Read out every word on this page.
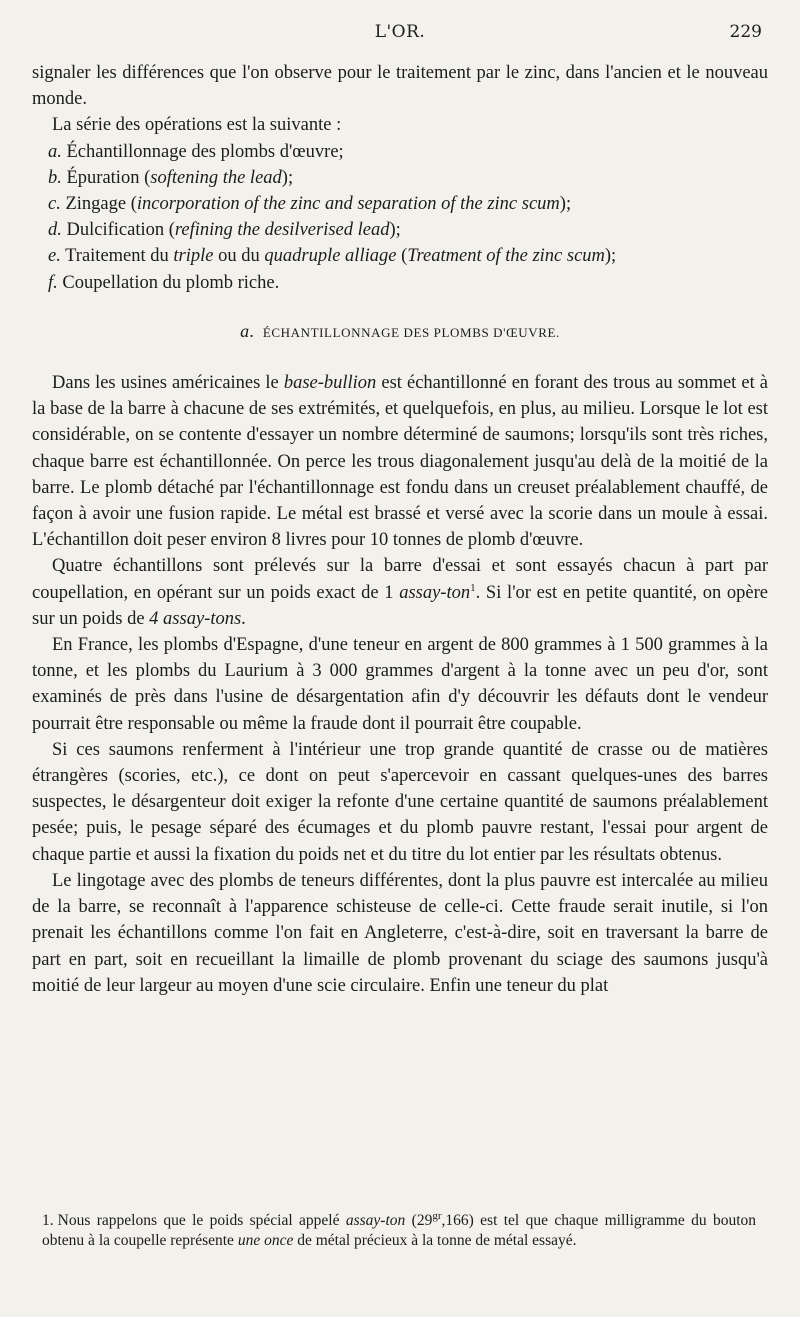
L'OR.	229

signaler les différences que l'on observe pour le traitement par le zinc, dans l'ancien et le nouveau monde.

La série des opérations est la suivante :

a. Échantillonnage des plombs d'œuvre;

b. Épuration (softening the lead);

c. Zingage (incorporation of the zinc and separation of the zinc scum);

d. Dulcification (refining the desilverised lead);

e. Traitement du triple ou du quadruple alliage (Treatment of the zinc scum);

f. Coupellation du plomb riche.

a. ÉCHANTILLONNAGE DES PLOMBS D'ŒUVRE.

Dans les usines américaines le base-bullion est échantillonné en forant des trous au sommet et à la base de la barre à chacune de ses extrémités, et quelquefois, en plus, au milieu. Lorsque le lot est considérable, on se contente d'essayer un nombre déterminé de saumons; lorsqu'ils sont très riches, chaque barre est échantillonnée. On perce les trous diagonalement jusqu'au delà de la moitié de la barre. Le plomb détaché par l'échantillonnage est fondu dans un creuset préalablement chauffé, de façon à avoir une fusion rapide. Le métal est brassé et versé avec la scorie dans un moule à essai. L'échantillon doit peser environ 8 livres pour 10 tonnes de plomb d'œuvre.

Quatre échantillons sont prélevés sur la barre d'essai et sont essayés chacun à part par coupellation, en opérant sur un poids exact de 1 assay-ton$^1$. Si l'or est en petite quantité, on opère sur un poids de 4 assay-tons.

En France, les plombs d'Espagne, d'une teneur en argent de 800 grammes à 1 500 grammes à la tonne, et les plombs du Laurium à 3 000 grammes d'argent à la tonne avec un peu d'or, sont examinés de près dans l'usine de désargentation afin d'y découvrir les défauts dont le vendeur pourrait être responsable ou même la fraude dont il pourrait être coupable.

Si ces saumons renferment à l'intérieur une trop grande quantité de crasse ou de matières étrangères (scories, etc.), ce dont on peut s'apercevoir en cassant quelques-unes des barres suspectes, le désargenteur doit exiger la refonte d'une certaine quantité de saumons préalablement pesée; puis, le pesage séparé des écumages et du plomb pauvre restant, l'essai pour argent de chaque partie et aussi la fixation du poids net et du titre du lot entier par les résultats obtenus.

Le lingotage avec des plombs de teneurs différentes, dont la plus pauvre est intercalée au milieu de la barre, se reconnaît à l'apparence schisteuse de celle-ci. Cette fraude serait inutile, si l'on prenait les échantillons comme l'on fait en Angleterre, c'est-à-dire, soit en traversant la barre de part en part, soit en recueillant la limaille de plomb provenant du sciage des saumons jusqu'à moitié de leur largeur au moyen d'une scie circulaire. Enfin une teneur du plat

1. Nous rappelons que le poids spécial appelé assay-ton $(29^{gr},166)$ est tel que chaque milligramme du bouton obtenu à la coupelle représente une once de métal précieux à la tonne de métal essayé.
